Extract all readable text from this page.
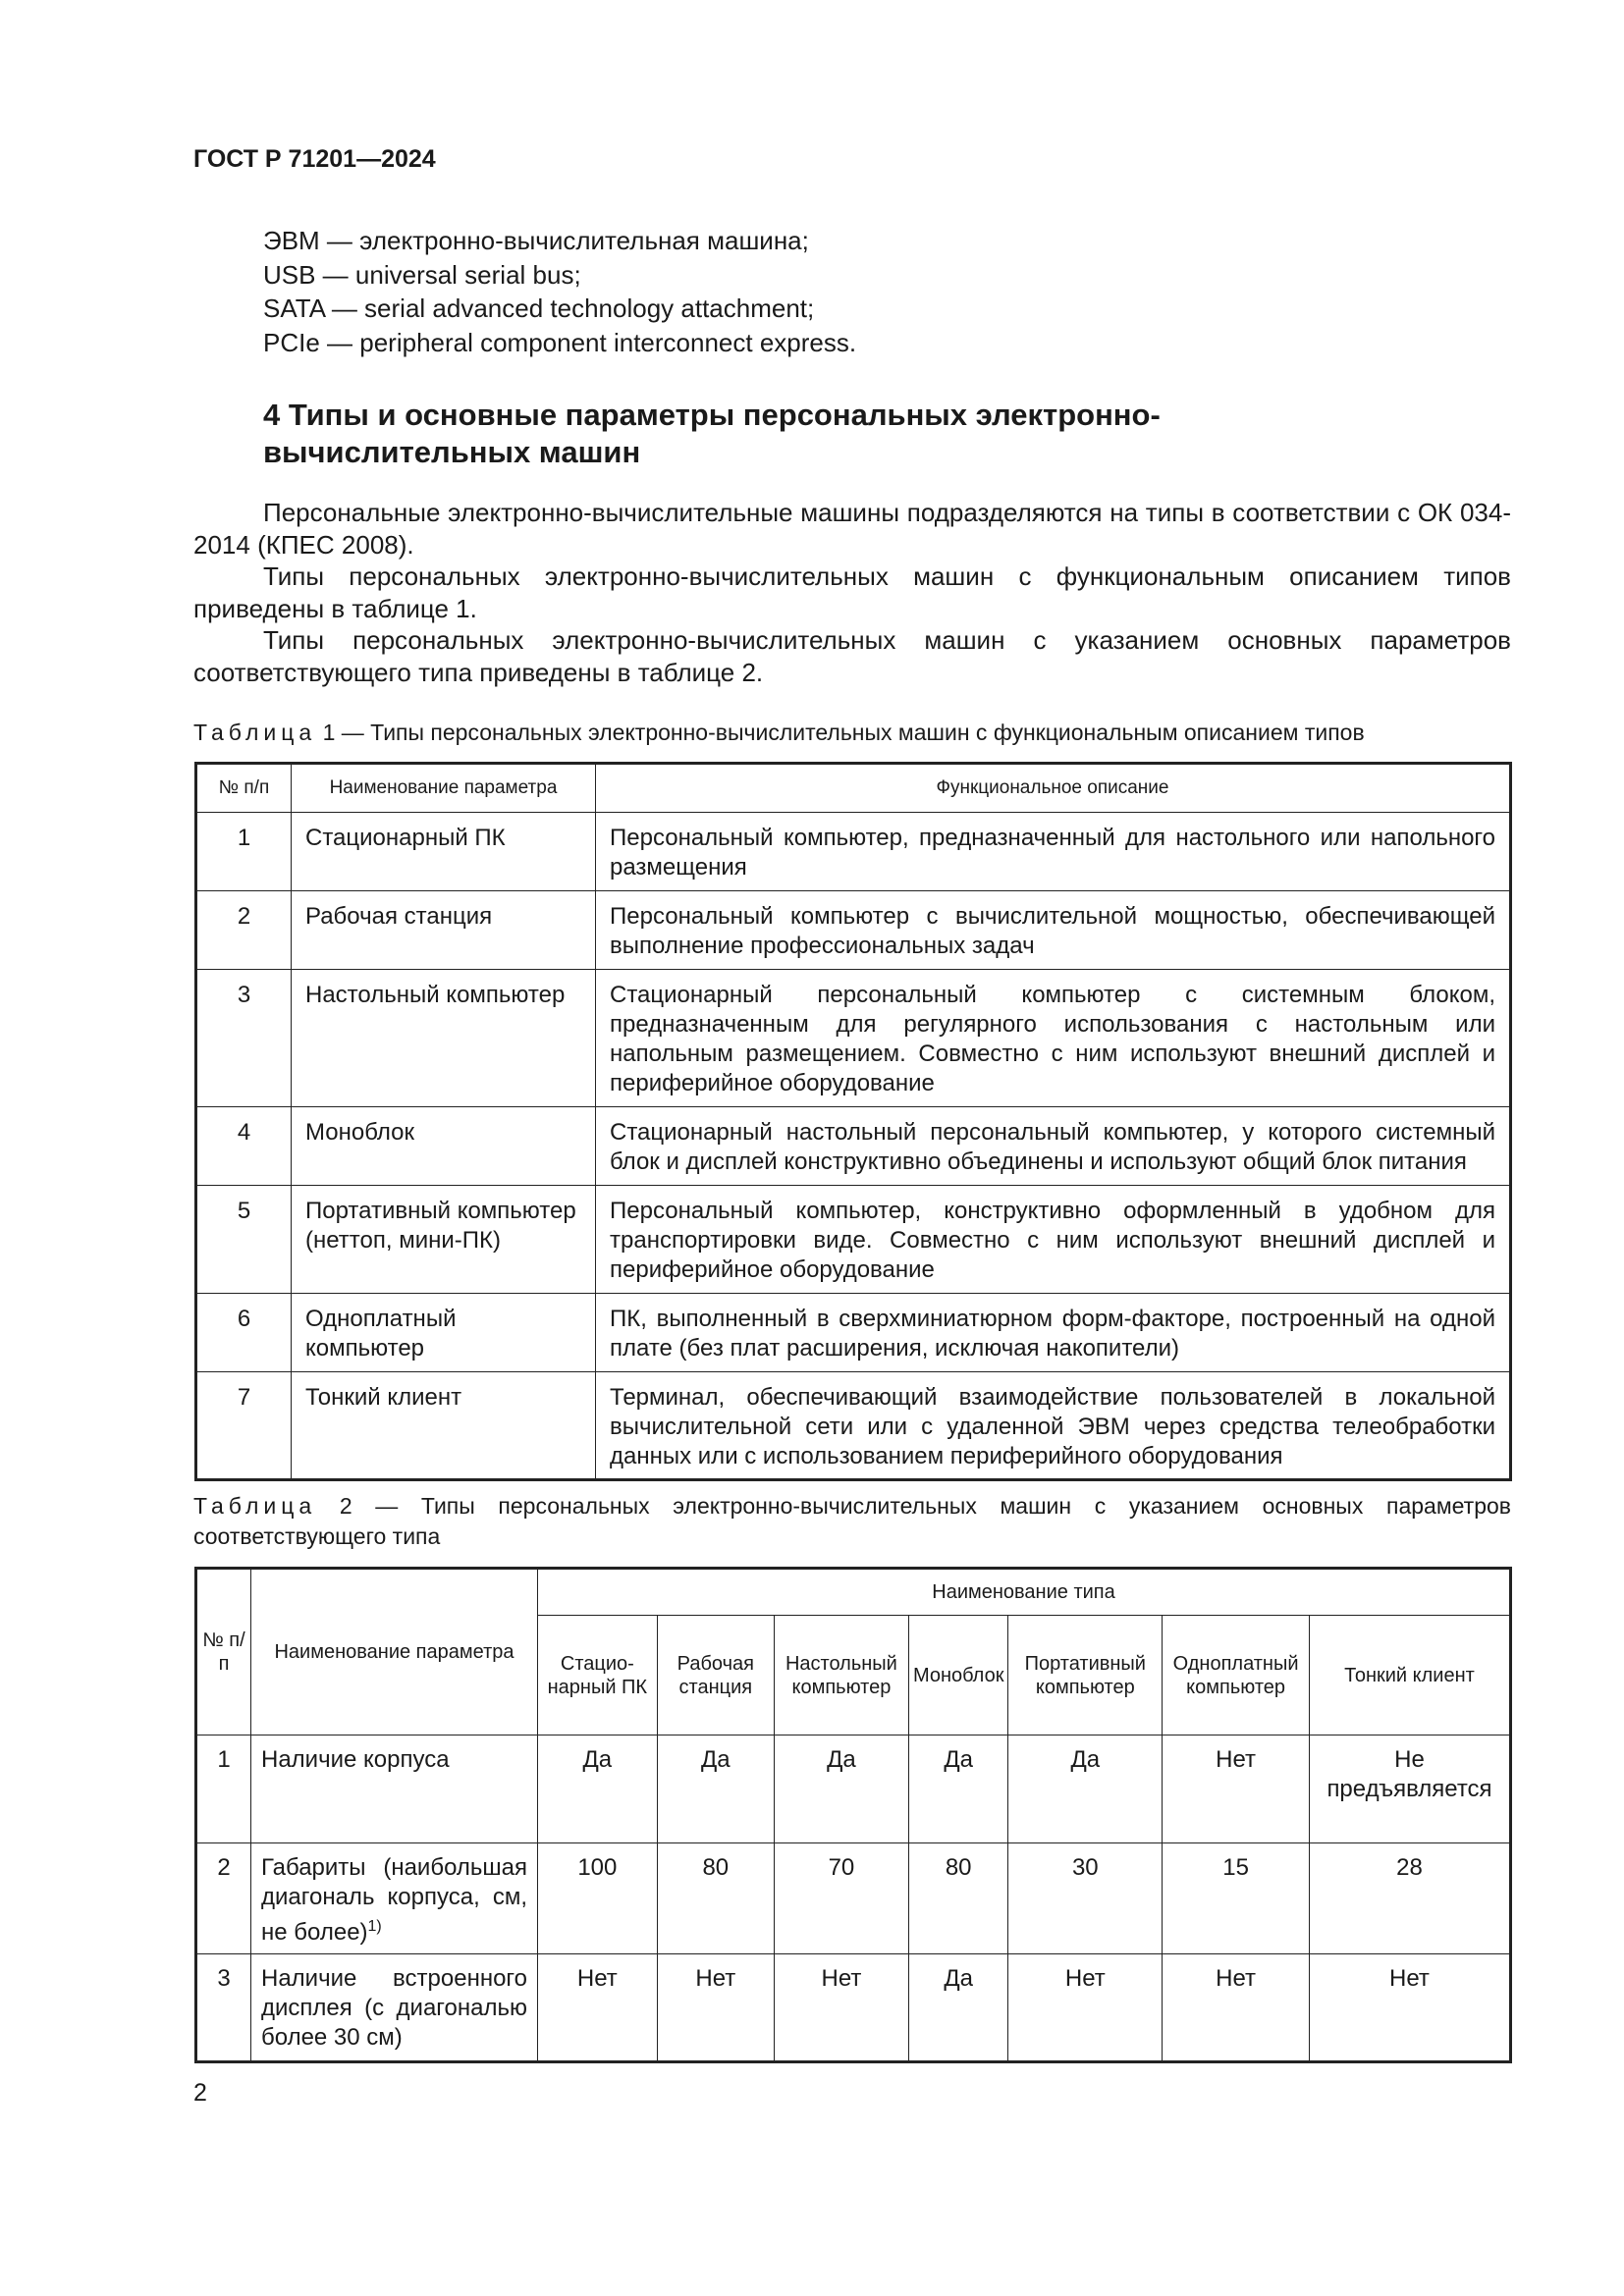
ГОСТ Р 71201—2024
ЭВМ — электронно-вычислительная машина;
USB — universal serial bus;
SATA — serial advanced technology attachment;
PCIe — peripheral component interconnect express.
4 Типы и основные параметры персональных электронно-
вычислительных машин

Персональные электронно-вычислительные машины подразделяются на типы в соответствии с ОК 034-2014 (КПЕС 2008).

Типы персональных электронно-вычислительных машин с функциональным описанием типов приведены в таблице 1.

Типы персональных электронно-вычислительных машин с указанием основных параметров соответствующего типа приведены в таблице 2.

Таблица 1 — Типы персональных электронно-вычислительных машин с функциональным описанием типов
№ п/п	Наименование параметра	Функциональное описание
1	Стационарный ПК	Персональный компьютер, предназначенный для настольного или напольного размещения
2	Рабочая станция	Персональный компьютер с вычислительной мощностью, обеспечивающей выполнение профессиональных задач
3	Настольный компьютер	Стационарный персональный компьютер с системным блоком, предназначенным для регулярного использования с настольным или напольным размещением. Совместно с ним используют внешний дисплей и периферийное оборудование
4	Моноблок	Стационарный настольный персональный компьютер, у которого системный блок и дисплей конструктивно объединены и используют общий блок питания
5	Портативный компьютер (неттоп, мини-ПК)	Персональный компьютер, конструктивно оформленный в удобном для транспортировки виде. Совместно с ним используют внешний дисплей и периферийное оборудование
6	Одноплатный компьютер	ПК, выполненный в сверхминиатюрном форм-факторе, построенный на одной плате (без плат расширения, исключая накопители)
7	Тонкий клиент	Терминал, обеспечивающий взаимодействие пользователей в локальной вычислительной сети или с удаленной ЭВМ через средства телеобработки данных или с использованием периферийного оборудования
Таблица 2 — Типы персональных электронно-вычислительных машин с указанием основных параметров соответствующего типа
№ п/п	Наименование параметра	Наименование типа						
		Стационарный ПК	Рабочая станция	Настольный компьютер	Моноблок	Портативный компьютер	Одноплатный компьютер	Тонкий клиент
1	Наличие корпуса	Да	Да	Да	Да	Да	Нет	Не предъявляется
2	Габариты (наибольшая диагональ корпуса, см, не более)$^{1)}$	100	80	70	80	30	15	28
3	Наличие встроенного дисплея (с диагональю более 30 см)	Нет	Нет	Нет	Да	Нет	Нет	Нет
2
